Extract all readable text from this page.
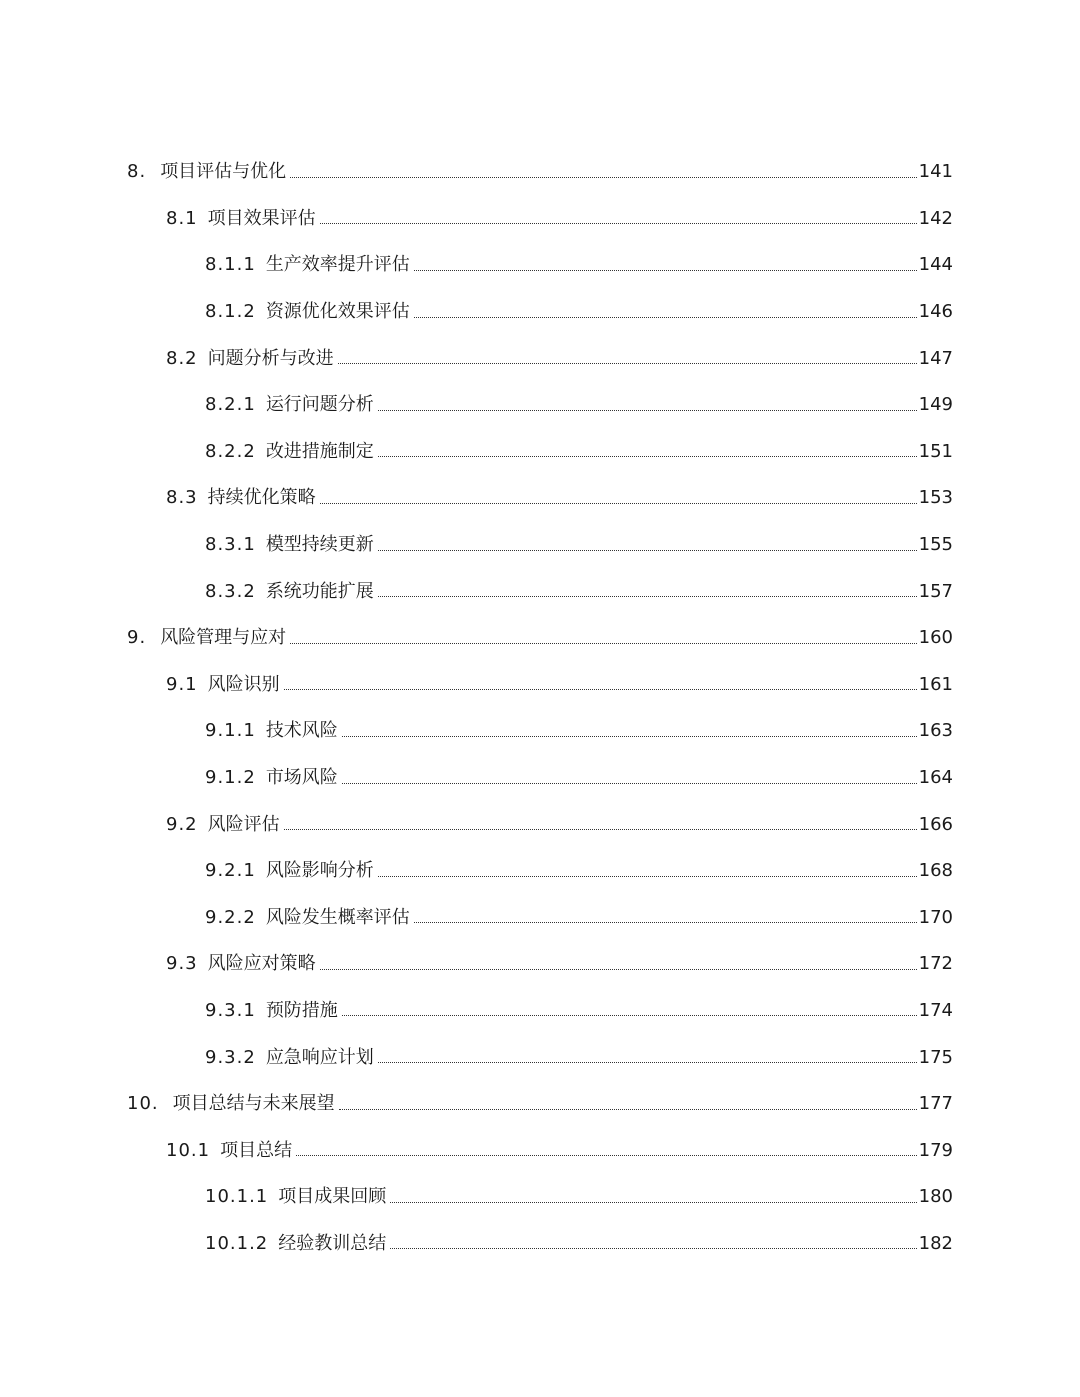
8. 项目评估与优化	141
8.1 项目效果评估	142
8.1.1 生产效率提升评估	144
8.1.2 资源优化效果评估	146
8.2 问题分析与改进	147
8.2.1 运行问题分析	149
8.2.2 改进措施制定	151
8.3 持续优化策略	153
8.3.1 模型持续更新	155
8.3.2 系统功能扩展	157
9. 风险管理与应对	160
9.1 风险识别	161
9.1.1 技术风险	163
9.1.2 市场风险	164
9.2 风险评估	166
9.2.1 风险影响分析	168
9.2.2 风险发生概率评估	170
9.3 风险应对策略	172
9.3.1 预防措施	174
9.3.2 应急响应计划	175
10. 项目总结与未来展望	177
10.1 项目总结	179
10.1.1 项目成果回顾	180
10.1.2 经验教训总结	182
